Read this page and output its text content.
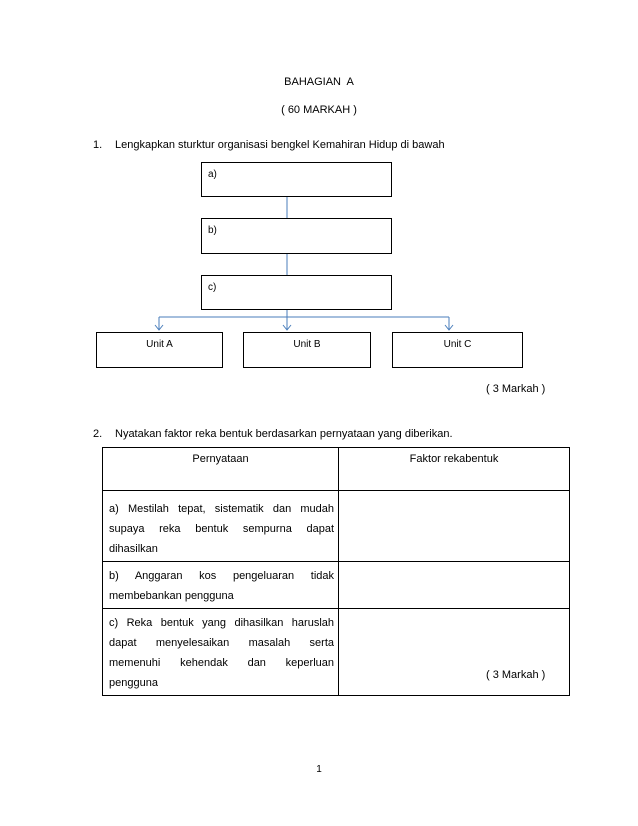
BAHAGIAN  A
( 60 MARKAH )
1. Lengkapkan sturktur organisasi bengkel Kemahiran Hidup di bawah
a)
b)
c)
Unit A	Unit B	Unit C
( 3 Markah )
2. Nyatakan faktor reka bentuk berdasarkan pernyataan yang diberikan.
Pernyataan	Faktor rekabentuk
a) Mestilah tepat, sistematik dan mudah supaya reka bentuk sempurna dapat dihasilkan	
b) Anggaran kos pengeluaran tidak membebankan pengguna	
c) Reka bentuk yang dihasilkan haruslah dapat menyelesaikan masalah serta memenuhi kehendak dan keperluan pengguna	
( 3 Markah )
1
